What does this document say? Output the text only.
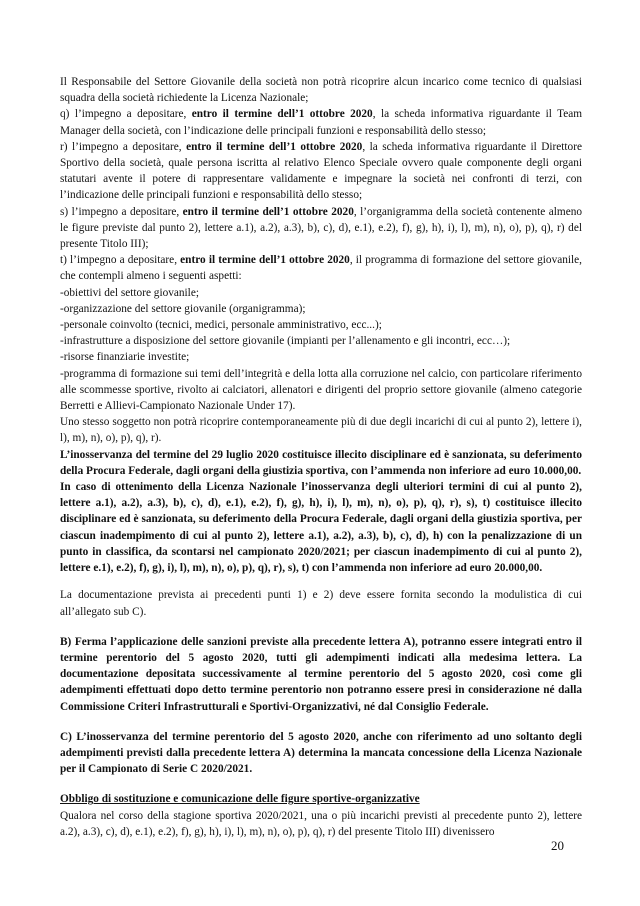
Il Responsabile del Settore Giovanile della società non potrà ricoprire alcun incarico come tecnico di qualsiasi squadra della società richiedente la Licenza Nazionale;

q) l’impegno a depositare, entro il termine dell’1 ottobre 2020, la scheda informativa riguardante il Team Manager della società, con l’indicazione delle principali funzioni e responsabilità dello stesso;

r) l’impegno a depositare, entro il termine dell’1 ottobre 2020, la scheda informativa riguardante il Direttore Sportivo della società, quale persona iscritta al relativo Elenco Speciale ovvero quale componente degli organi statutari avente il potere di rappresentare validamente e impegnare la società nei confronti di terzi, con l’indicazione delle principali funzioni e responsabilità dello stesso;

s) l’impegno a depositare, entro il termine dell’1 ottobre 2020, l’organigramma della società contenente almeno le figure previste dal punto 2), lettere a.1), a.2), a.3), b), c), d), e.1), e.2), f), g), h), i), l), m), n), o), p), q), r) del presente Titolo III);

t) l’impegno a depositare, entro il termine dell’1 ottobre 2020, il programma di formazione del settore giovanile, che contempli almeno i seguenti aspetti:

-obiettivi del settore giovanile;

-organizzazione del settore giovanile (organigramma);

-personale coinvolto (tecnici, medici, personale amministrativo, ecc...);

-infrastrutture a disposizione del settore giovanile (impianti per l’allenamento e gli incontri, ecc…);

-risorse finanziarie investite;

-programma di formazione sui temi dell’integrità e della lotta alla corruzione nel calcio, con particolare riferimento alle scommesse sportive, rivolto ai calciatori, allenatori e dirigenti del proprio settore giovanile (almeno categorie Berretti e Allievi-Campionato Nazionale Under 17).

Uno stesso soggetto non potrà ricoprire contemporaneamente più di due degli incarichi di cui al punto 2), lettere i), l), m), n), o), p), q), r).

L’inosservanza del termine del 29 luglio 2020 costituisce illecito disciplinare ed è sanzionata, su deferimento della Procura Federale, dagli organi della giustizia sportiva, con l’ammenda non inferiore ad euro 10.000,00.

In caso di ottenimento della Licenza Nazionale l’inosservanza degli ulteriori termini di cui al punto 2), lettere a.1), a.2), a.3), b), c), d), e.1), e.2), f), g), h), i), l), m), n), o), p), q), r), s), t) costituisce illecito disciplinare ed è sanzionata, su deferimento della Procura Federale, dagli organi della giustizia sportiva, per ciascun inadempimento di cui al punto 2), lettere a.1), a.2), a.3), b), c), d), h) con la penalizzazione di un punto in classifica, da scontarsi nel campionato 2020/2021; per ciascun inadempimento di cui al punto 2), lettere e.1), e.2), f), g), i), l), m), n), o), p), q), r), s), t) con l’ammenda non inferiore ad euro 20.000,00.

La documentazione prevista ai precedenti punti 1) e 2) deve essere fornita secondo la modulistica di cui all’allegato sub C).

B) Ferma l’applicazione delle sanzioni previste alla precedente lettera A), potranno essere integrati entro il termine perentorio del 5 agosto 2020, tutti gli adempimenti indicati alla medesima lettera. La documentazione depositata successivamente al termine perentorio del 5 agosto 2020, così come gli adempimenti effettuati dopo detto termine perentorio non potranno essere presi in considerazione né dalla Commissione Criteri Infrastrutturali e Sportivi-Organizzativi, né dal Consiglio Federale.

C) L’inosservanza del termine perentorio del 5 agosto 2020, anche con riferimento ad uno soltanto degli adempimenti previsti dalla precedente lettera A) determina la mancata concessione della Licenza Nazionale per il Campionato di Serie C 2020/2021.

Obbligo di sostituzione e comunicazione delle figure sportive-organizzative

Qualora nel corso della stagione sportiva 2020/2021, una o più incarichi previsti al precedente punto 2), lettere a.2), a.3), c), d), e.1), e.2), f), g), h), i), l), m), n), o), p), q), r) del presente Titolo III) divenissero

20
